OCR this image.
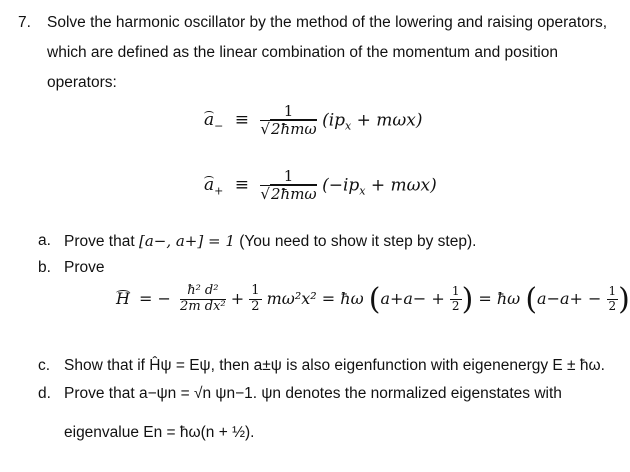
7. Solve the harmonic oscillator by the method of the lowering and raising operators,
which are defined as the linear combination of the momentum and position
operators:
$a_- \equiv \frac{1}{\text{√2ħmω}} (ip_x + m\omega x)$
$a_+ \equiv \frac{1}{\text{√2ħmω}} (-ip_x + m\omega x)$
a. Prove that [a−, a+] = 1 (You need to show it step by step).
b. Prove
H = − $\frac{\text{ħ² d²}}{\text{2m dx²}} + \frac{1}{2} m\omega^2x^2$ = ħω ($a+a- + \frac{1}{2}$ ) = ħω ($a-a+ - \frac{1}{2}$ )
c. Show that if Ĥψ = Eψ, then a±ψ is also eigenfunction with eigenenergy E ± ħω.
d. Prove that a−ψn = √n ψn−1. ψn denotes the normalized eigenstates with
eigenvalue En = ħω(n + ½).
